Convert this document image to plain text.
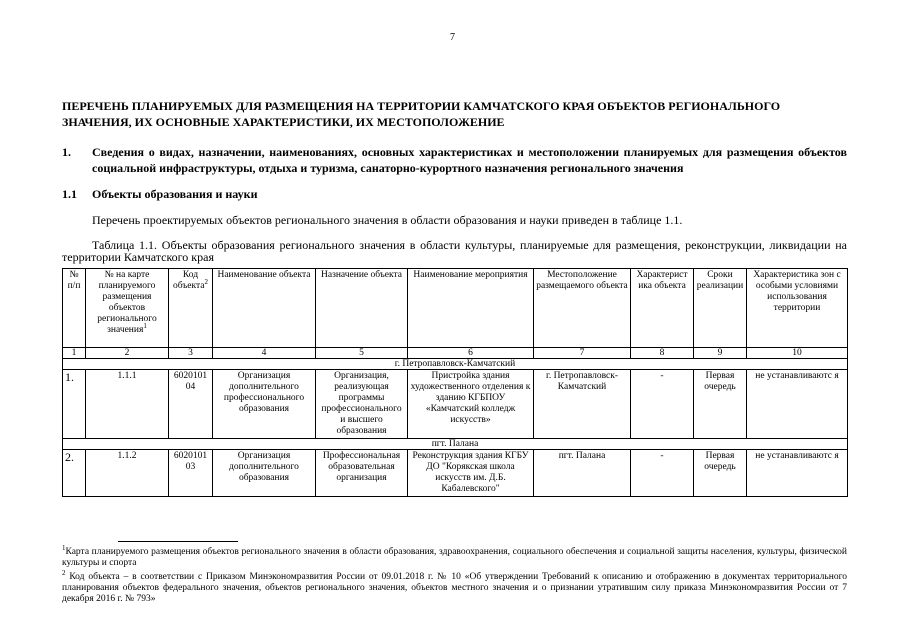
7
ПЕРЕЧЕНЬ ПЛАНИРУЕМЫХ ДЛЯ РАЗМЕЩЕНИЯ НА ТЕРРИТОРИИ КАМЧАТСКОГО КРАЯ ОБЪЕКТОВ РЕГИОНАЛЬНОГО ЗНАЧЕНИЯ, ИХ ОСНОВНЫЕ ХАРАКТЕРИСТИКИ, ИХ МЕСТОПОЛОЖЕНИЕ
1.	Сведения о видах, назначении, наименованиях, основных характеристиках и местоположении планируемых для размещения объектов социальной инфраструктуры, отдыха и туризма, санаторно-курортного назначения регионального значения
1.1	Объекты образования и науки
Перечень проектируемых объектов регионального значения в области образования и науки приведен в таблице 1.1.
Таблица 1.1. Объекты образования регионального значения в области культуры, планируемые для размещения, реконструкции, ликвидации на территории Камчатского края
№ п/п	№ на карте планируемого размещения объектов регионального значения$^1$	Код объекта$^2$	Наименование объекта	Назначение объекта	Наименование мероприятия	Местоположение размещаемого объекта	Характерист ика объекта	Сроки реализации	Характеристика зон с особыми условиями использования территории
1	2	3	4	5	6	7	8	9	10
г. Петропавловск-Камчатский									
1.	1.1.1	6020101 04	Организация дополнительного профессионального образования	Организация, реализующая программы профессионального и высшего образования	Пристройка здания художественного отделения к зданию КГБПОУ «Камчатский колледж искусств»	г. Петропавловск-Камчатский	-	Первая очередь	не устанавливаютс я
пгт. Палана									
2.	1.1.2	6020101 03	Организация дополнительного образования	Профессиональная образовательная организация	Реконструкция здания КГБУ ДО "Корякская школа искусств им. Д.Б. Кабалевского"	пгт. Палана	-	Первая очередь	не устанавливаютс я
$^1$Карта планируемого размещения объектов регионального значения в области образования, здравоохранения, социального обеспечения и социальной защиты населения, культуры, физической культуры и спорта
$^2$ Код объекта – в соответствии с Приказом Минэкономразвития России от 09.01.2018 г. № 10 «Об утверждении Требований к описанию и отображению в документах территориального планирования объектов федерального значения, объектов регионального значения, объектов местного значения и о признании утратившим силу приказа Минэкономразвития России от 7 декабря 2016 г. № 793»
